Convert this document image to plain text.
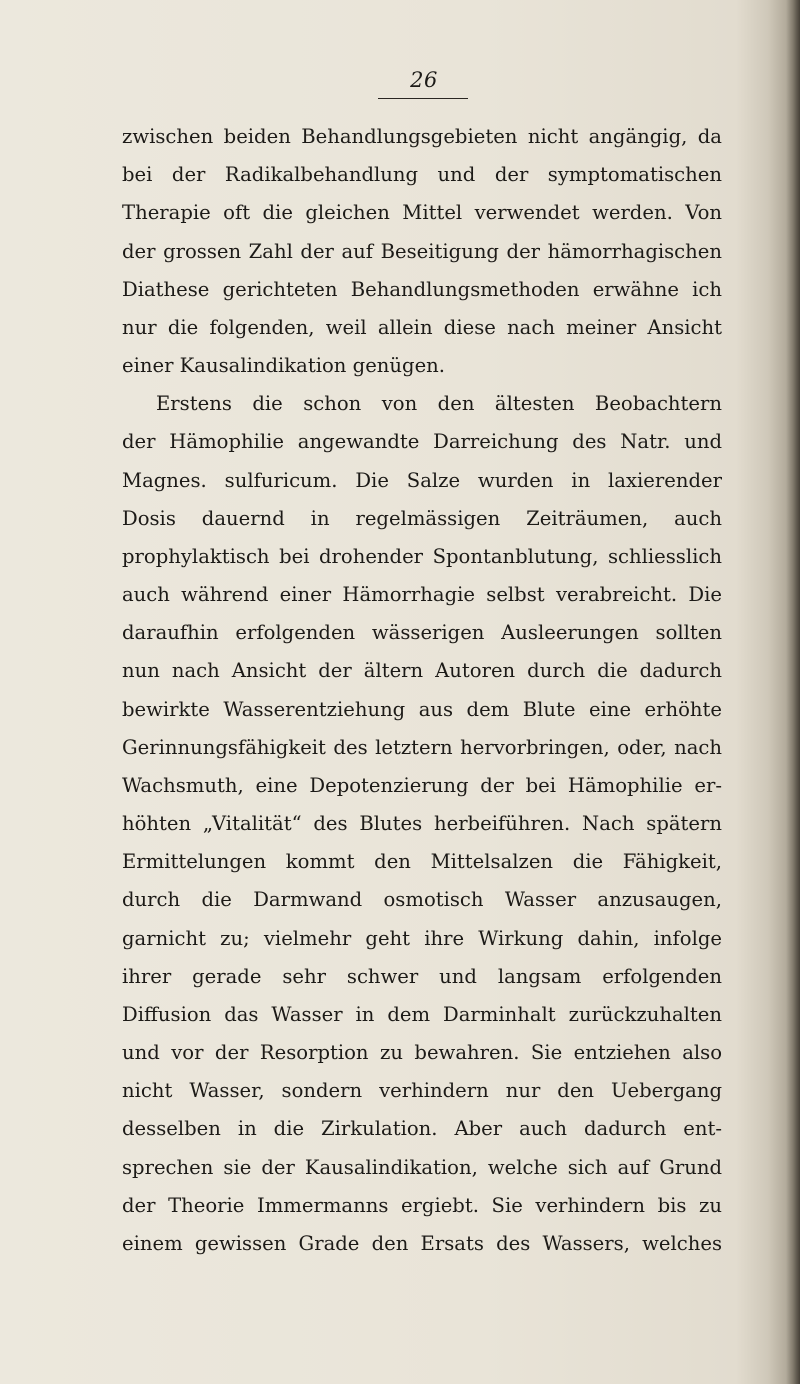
26
zwischen beiden Behandlungsgebieten nicht angängig, da
bei der Radikalbehandlung und der symptomatischen
Therapie oft die gleichen Mittel verwendet werden. Von
der grossen Zahl der auf Beseitigung der hämorrhagischen
Diathese gerichteten Behandlungsmethoden erwähne ich
nur die folgenden, weil allein diese nach meiner Ansicht
einer Kausalindikation genügen.
Erstens die schon von den ältesten Beobachtern
der Hämophilie angewandte Darreichung des Natr. und
Magnes. sulfuricum. Die Salze wurden in laxierender
Dosis dauernd in regelmässigen Zeiträumen, auch
prophylaktisch bei drohender Spontanblutung, schliesslich
auch während einer Hämorrhagie selbst verabreicht. Die
daraufhin erfolgenden wässerigen Ausleerungen sollten
nun nach Ansicht der ältern Autoren durch die dadurch
bewirkte Wasserentziehung aus dem Blute eine erhöhte
Gerinnungsfähigkeit des letztern hervorbringen, oder, nach
Wachsmuth, eine Depotenzierung der bei Hämophilie er-
höhten „Vitalität“ des Blutes herbeiführen. Nach spätern
Ermittelungen kommt den Mittelsalzen die Fähigkeit,
durch die Darmwand osmotisch Wasser anzusaugen,
garnicht zu; vielmehr geht ihre Wirkung dahin, infolge
ihrer gerade sehr schwer und langsam erfolgenden
Diffusion das Wasser in dem Darminhalt zurückzuhalten
und vor der Resorption zu bewahren. Sie entziehen also
nicht Wasser, sondern verhindern nur den Uebergang
desselben in die Zirkulation. Aber auch dadurch ent-
sprechen sie der Kausalindikation, welche sich auf Grund
der Theorie Immermanns ergiebt. Sie verhindern bis zu
einem gewissen Grade den Ersats des Wassers, welches
